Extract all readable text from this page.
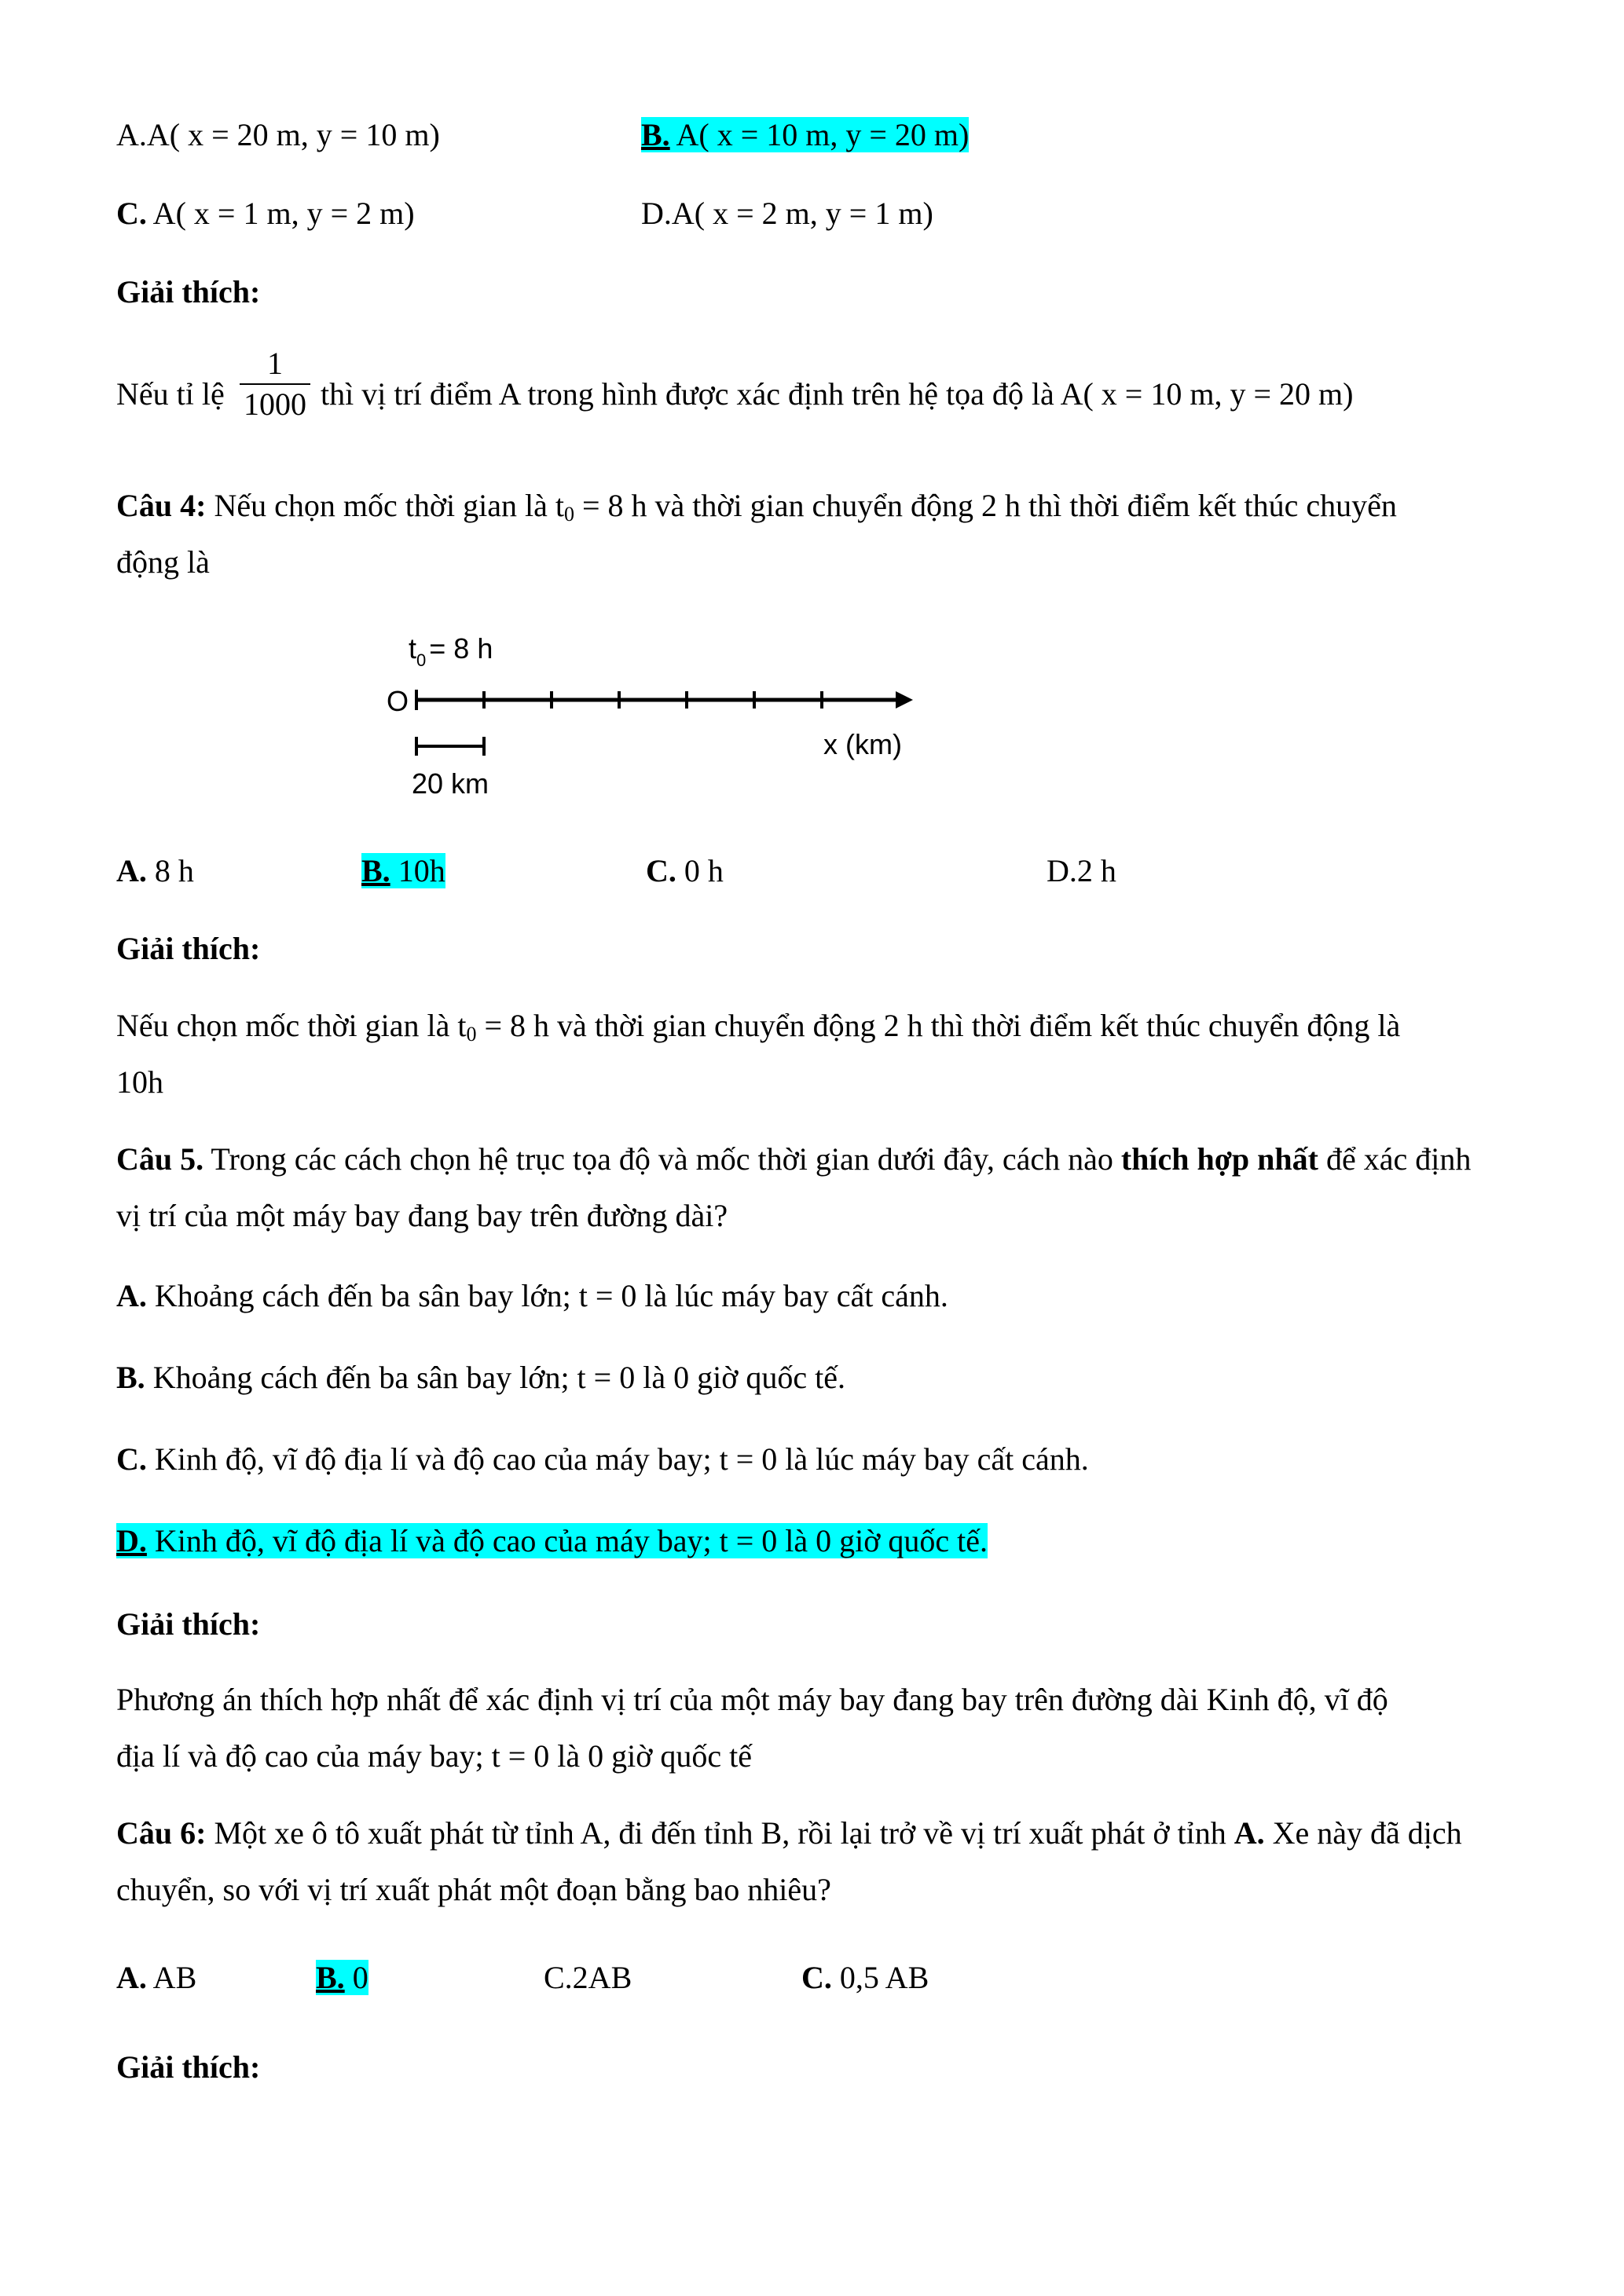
A.A( x = 20 m, y = 10 m)	B. A( x = 10 m, y = 20 m)
C. A( x = 1 m, y = 2 m)	D.A( x = 2 m, y = 1 m)
Giải thích:
Nếu tỉ lệ
1
1000 thì vị trí điểm A trong hình được xác định trên hệ tọa độ là A( x = 10 m, y = 20 m)
Câu 4: Nếu chọn mốc thời gian là $t_0 = 8$ h và thời gian chuyển động 2 h thì thời điểm kết thúc chuyển
động là
$t_0 = 8$ h
O
x (km)
20 km
A. 8 h	B. 10h	C. 0 h	D.2 h
Giải thích:
Nếu chọn mốc thời gian là $t_0 = 8$ h và thời gian chuyển động 2 h thì thời điểm kết thúc chuyển động là
10h
Câu 5. Trong các cách chọn hệ trục tọa độ và mốc thời gian dưới đây, cách nào thích hợp nhất để xác định
vị trí của một máy bay đang bay trên đường dài?
A. Khoảng cách đến ba sân bay lớn; t = 0 là lúc máy bay cất cánh.
B. Khoảng cách đến ba sân bay lớn; t = 0 là 0 giờ quốc tế.
C. Kinh độ, vĩ độ địa lí và độ cao của máy bay; t = 0 là lúc máy bay cất cánh.
D. Kinh độ, vĩ độ địa lí và độ cao của máy bay; t = 0 là 0 giờ quốc tế.
Giải thích:
Phương án thích hợp nhất để xác định vị trí của một máy bay đang bay trên đường dài Kinh độ, vĩ độ
địa lí và độ cao của máy bay; t = 0 là 0 giờ quốc tế
Câu 6: Một xe ô tô xuất phát từ tỉnh A, đi đến tỉnh B, rồi lại trở về vị trí xuất phát ở tỉnh A. Xe này đã dịch
chuyển, so với vị trí xuất phát một đoạn bằng bao nhiêu?
A. AB	B. 0	C.2AB	C. 0,5 AB
Giải thích:
